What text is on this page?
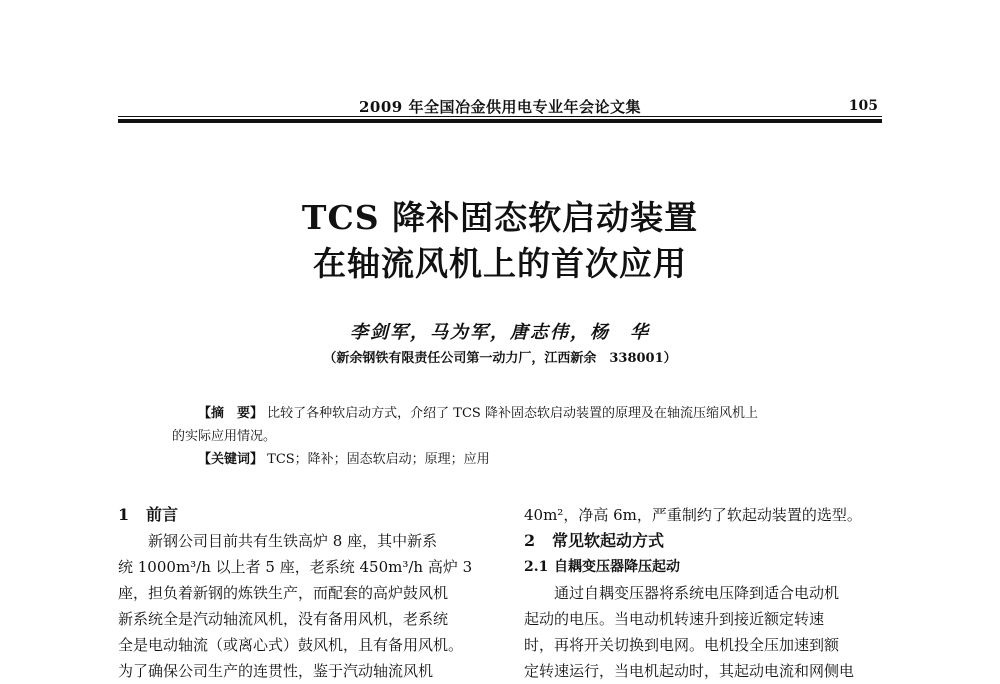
2009 年全国冶金供用电专业年会论文集	105
TCS 降补固态软启动装置
在轴流风机上的首次应用
李剑军，马为军，唐志伟，杨　华
（新余钢铁有限责任公司第一动力厂，江西新余　338001）

【摘　要】 比较了各种软启动方式，介绍了 TCS 降补固态软启动装置的原理及在轴流压缩风机上

的实际应用情况。

【关键词】 TCS；降补；固态软启动；原理；应用

1 前言

新钢公司目前共有生铁高炉 8 座，其中新系

统 1000m³/h 以上者 5 座，老系统 450m³/h 高炉 3

座，担负着新钢的炼铁生产，而配套的高炉鼓风机

新系统全是汽动轴流风机，没有备用风机，老系统

全是电动轴流（或离心式）鼓风机，且有备用风机。

为了确保公司生产的连贯性，鉴于汽动轴流风机

40m²，净高 6m，严重制约了软起动装置的选型。

2 常见软起动方式

2.1 自耦变压器降压起动

通过自耦变压器将系统电压降到适合电动机

起动的电压。当电动机转速升到接近额定转速

时，再将开关切换到电网。电机投全压加速到额

定转速运行，当电机起动时，其起动电流和网侧电
